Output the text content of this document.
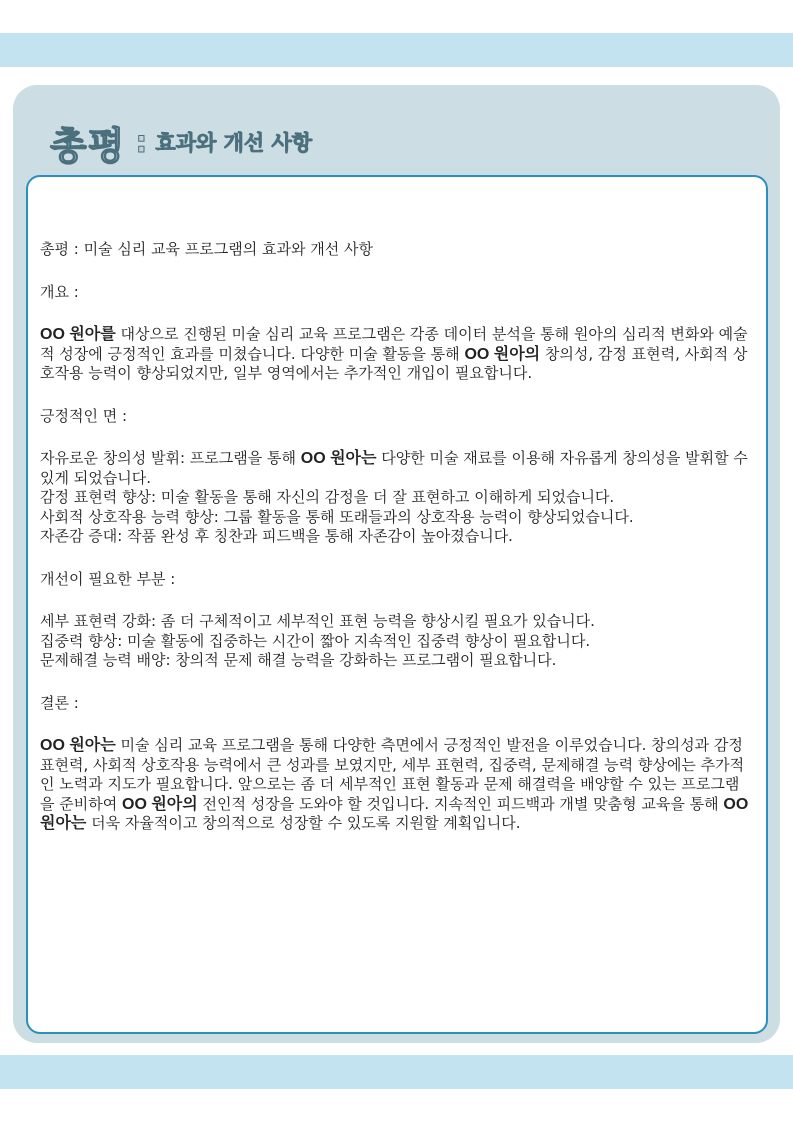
총평 : 효과와 개선 사항

총평 : 미술 심리 교육 프로그램의 효과와 개선 사항

개요 :

OO 원아를 대상으로 진행된 미술 심리 교육 프로그램은 각종 데이터 분석을 통해 원아의 심리적 변화와 예술적 성장에 긍정적인 효과를 미쳤습니다. 다양한 미술 활동을 통해 OO 원아의 창의성, 감정 표현력, 사회적 상호작용 능력이 향상되었지만, 일부 영역에서는 추가적인 개입이 필요합니다.

긍정적인 면 :

자유로운 창의성 발휘: 프로그램을 통해 OO 원아는 다양한 미술 재료를 이용해 자유롭게 창의성을 발휘할 수 있게 되었습니다.

감정 표현력 향상: 미술 활동을 통해 자신의 감정을 더 잘 표현하고 이해하게 되었습니다.

사회적 상호작용 능력 향상: 그룹 활동을 통해 또래들과의 상호작용 능력이 향상되었습니다.

자존감 증대: 작품 완성 후 칭찬과 피드백을 통해 자존감이 높아졌습니다.

개선이 필요한 부분 :

세부 표현력 강화: 좀 더 구체적이고 세부적인 표현 능력을 향상시킬 필요가 있습니다.

집중력 향상: 미술 활동에 집중하는 시간이 짧아 지속적인 집중력 향상이 필요합니다.

문제해결 능력 배양: 창의적 문제 해결 능력을 강화하는 프로그램이 필요합니다.

결론 :

OO 원아는 미술 심리 교육 프로그램을 통해 다양한 측면에서 긍정적인 발전을 이루었습니다. 창의성과 감정 표현력, 사회적 상호작용 능력에서 큰 성과를 보였지만, 세부 표현력, 집중력, 문제해결 능력 향상에는 추가적인 노력과 지도가 필요합니다. 앞으로는 좀 더 세부적인 표현 활동과 문제 해결력을 배양할 수 있는 프로그램을 준비하여 OO 원아의 전인적 성장을 도와야 할 것입니다. 지속적인 피드백과 개별 맞춤형 교육을 통해 OO 원아는 더욱 자율적이고 창의적으로 성장할 수 있도록 지원할 계획입니다.
